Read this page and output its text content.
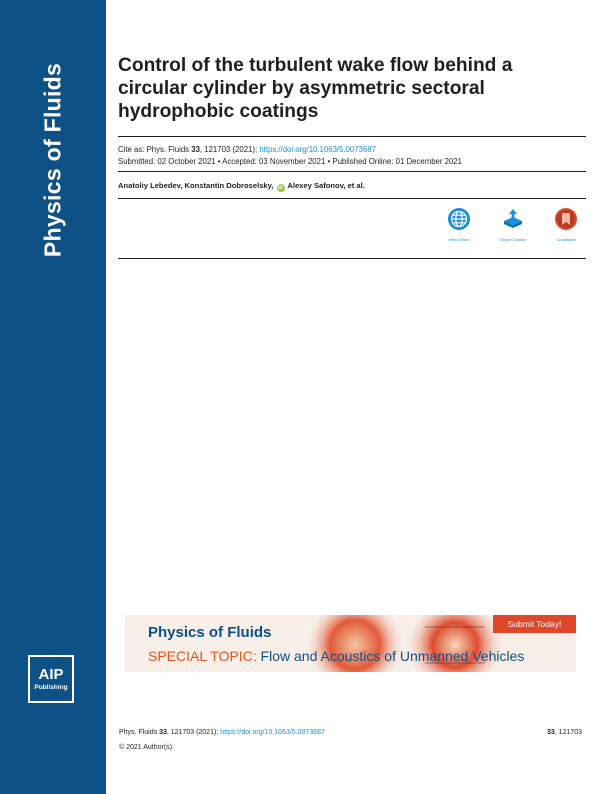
Physics of Fluids
AIP
Publishing
Control of the turbulent wake flow behind a circular cylinder by asymmetric sectoral hydrophobic coatings
Cite as: Phys. Fluids 33, 121703 (2021); https://doi.org/10.1063/5.0073687
Submitted: 02 October 2021 • Accepted: 03 November 2021 • Published Online: 01 December 2021
Anatoliy Lebedev, Konstantin Dobroselsky, iD Alexey Safonov, et al.
View Online	Export Citation	CrossMark
Physics of Fluids
SPECIAL TOPIC: Flow and Acoustics of Unmanned Vehicles
Submit Today!
Phys. Fluids 33, 121703 (2021); https://doi.org/10.1063/5.0073687	33, 121703
© 2021 Author(s).
